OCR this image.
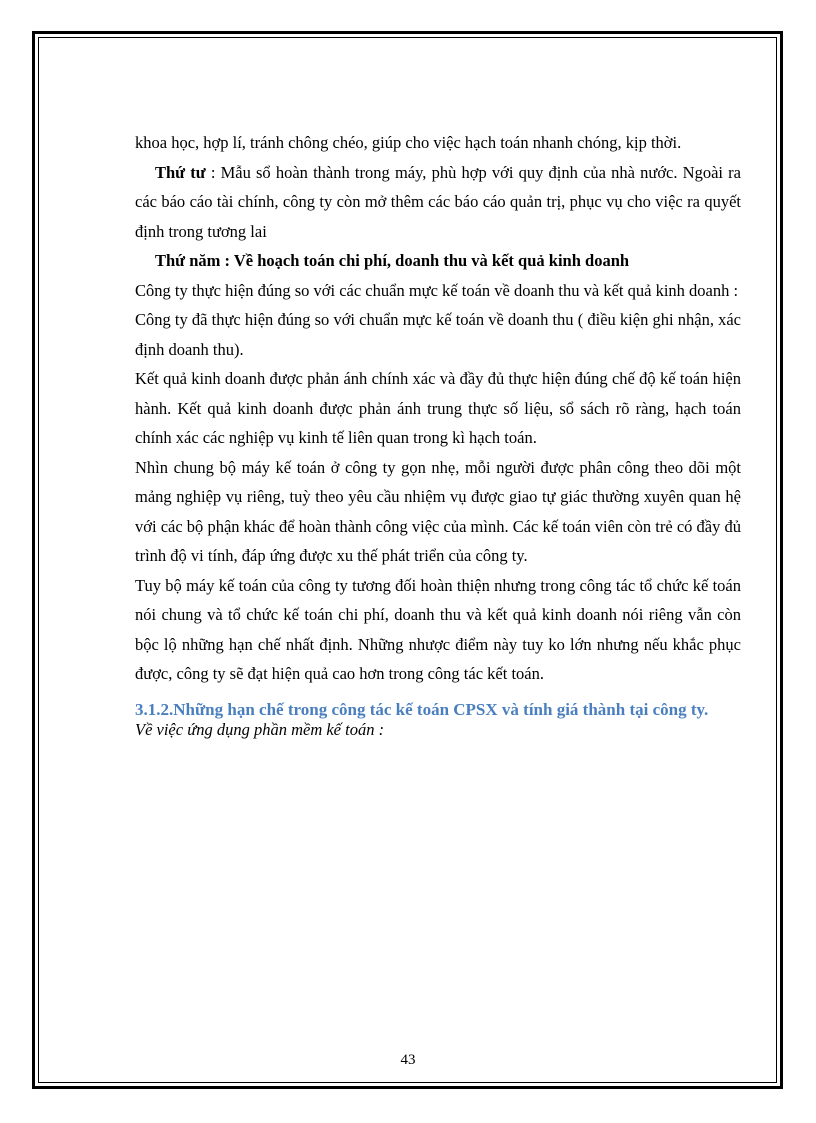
khoa học, hợp lí, tránh chông chéo, giúp cho việc hạch toán nhanh chóng, kịp thời.

Thứ tư : Mẫu sổ hoàn thành trong máy, phù hợp với quy định của nhà nước. Ngoài ra các báo cáo tài chính, công ty còn mở thêm các báo cáo quản trị, phục vụ cho việc ra quyết định trong tương lai

Thứ năm : Về hoạch toán chi phí, doanh thu và kết quả kinh doanh

Công ty thực hiện đúng so với các chuẩn mực kế toán về doanh thu và kết quả kinh doanh :

Công ty đã thực hiện đúng so với chuẩn mực kế toán về doanh thu ( điều kiện ghi nhận, xác định doanh thu).

Kết quả kinh doanh được phản ánh chính xác và đầy đủ thực hiện đúng chế độ kế toán hiện hành. Kết quả kinh doanh được phản ánh trung thực số liệu, sổ sách rõ ràng, hạch toán chính xác các nghiệp vụ kinh tế liên quan trong kì hạch toán.

Nhìn chung bộ máy kế toán ở công ty gọn nhẹ, mỗi người được phân công theo dõi một mảng nghiệp vụ riêng, tuỳ theo yêu cầu nhiệm vụ được giao tự giác thường xuyên quan hệ với các bộ phận khác để hoàn thành công việc của mình. Các kế toán viên còn trẻ có đầy đủ trình độ vi tính, đáp ứng được xu thế phát triển của công ty.

Tuy bộ máy kế toán của công ty tương đối hoàn thiện nhưng trong công tác tổ chức kế toán nói chung và tổ chức kế toán chi phí, doanh thu và kết quả kinh doanh nói riêng vẫn còn bộc lộ những hạn chế nhất định. Những nhược điểm này tuy ko lớn nhưng nếu khắc phục được, công ty sẽ đạt hiện quả cao hơn trong công tác kết toán.

3.1.2.Những hạn chế trong công tác kế toán CPSX và tính giá thành tại công ty.

Về việc ứng dụng phần mềm kế toán :

43
